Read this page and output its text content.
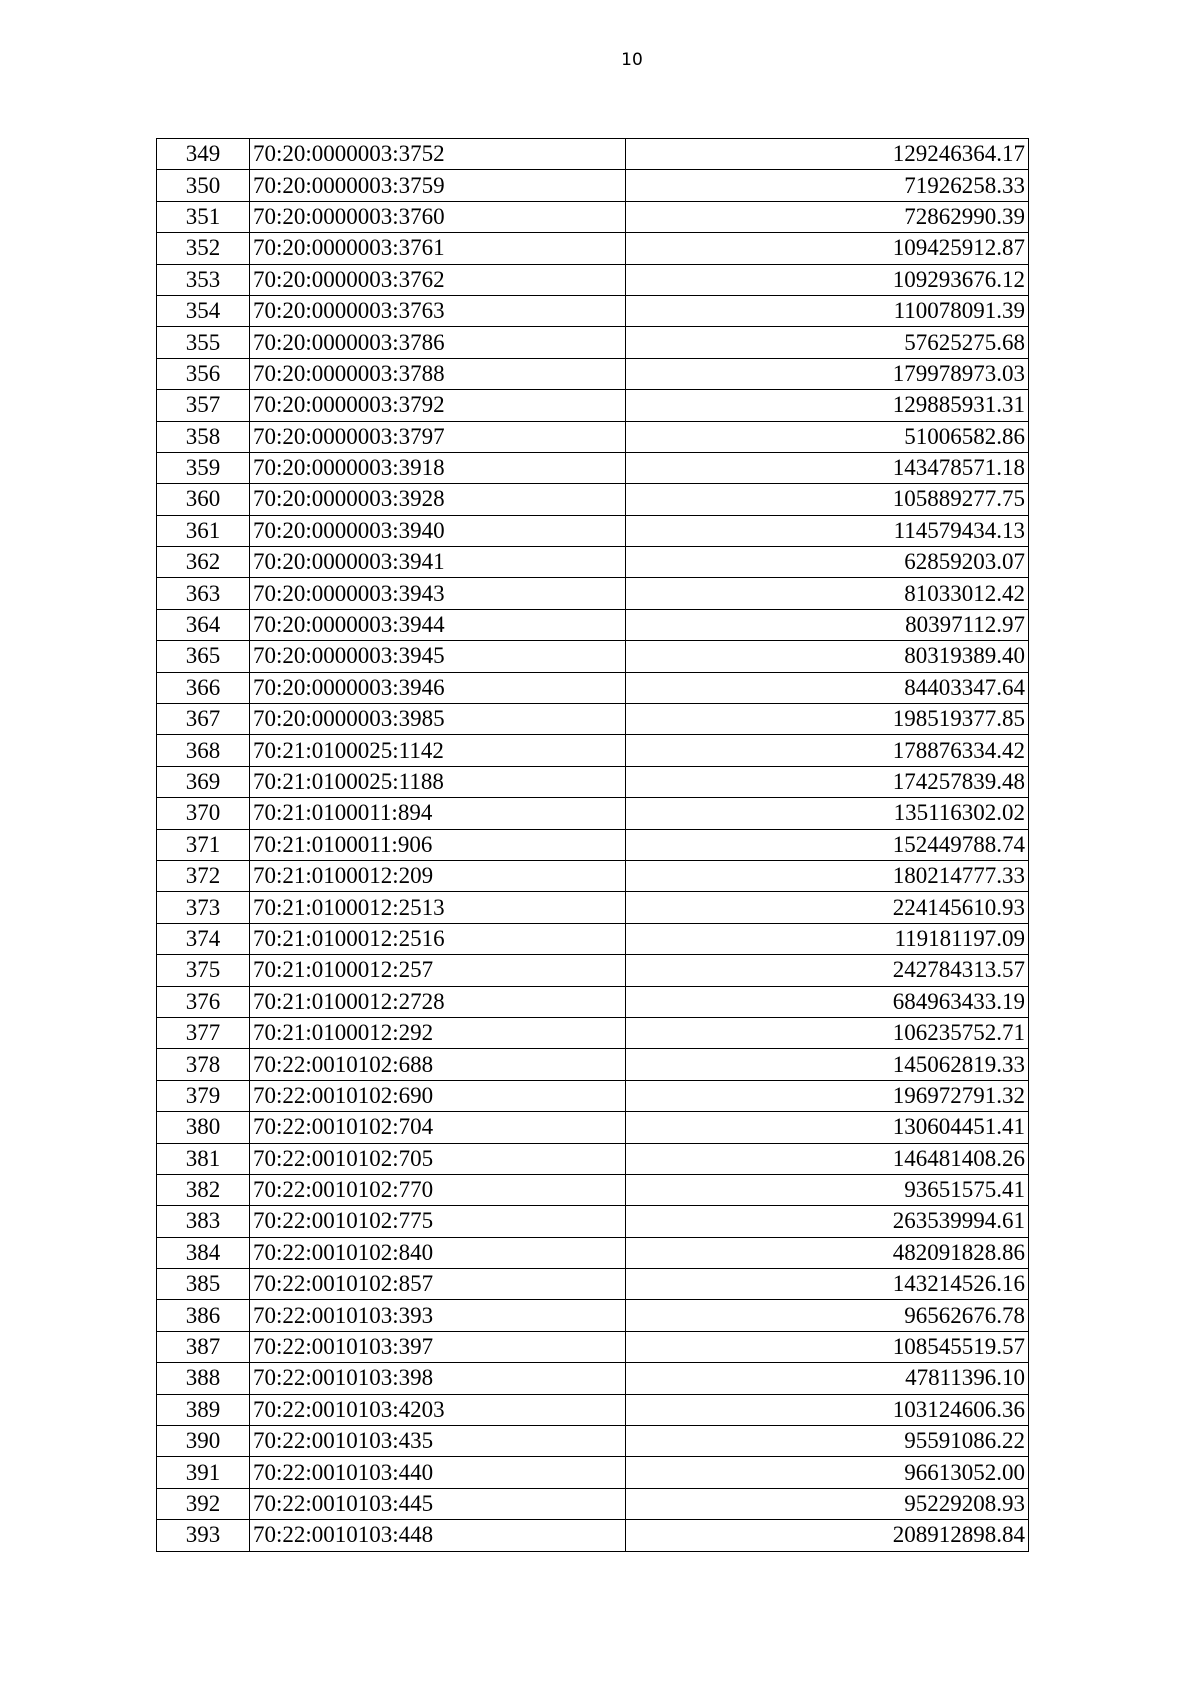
10
349	70:20:0000003:3752	129246364.17
350	70:20:0000003:3759	71926258.33
351	70:20:0000003:3760	72862990.39
352	70:20:0000003:3761	109425912.87
353	70:20:0000003:3762	109293676.12
354	70:20:0000003:3763	110078091.39
355	70:20:0000003:3786	57625275.68
356	70:20:0000003:3788	179978973.03
357	70:20:0000003:3792	129885931.31
358	70:20:0000003:3797	51006582.86
359	70:20:0000003:3918	143478571.18
360	70:20:0000003:3928	105889277.75
361	70:20:0000003:3940	114579434.13
362	70:20:0000003:3941	62859203.07
363	70:20:0000003:3943	81033012.42
364	70:20:0000003:3944	80397112.97
365	70:20:0000003:3945	80319389.40
366	70:20:0000003:3946	84403347.64
367	70:20:0000003:3985	198519377.85
368	70:21:0100025:1142	178876334.42
369	70:21:0100025:1188	174257839.48
370	70:21:0100011:894	135116302.02
371	70:21:0100011:906	152449788.74
372	70:21:0100012:209	180214777.33
373	70:21:0100012:2513	224145610.93
374	70:21:0100012:2516	119181197.09
375	70:21:0100012:257	242784313.57
376	70:21:0100012:2728	684963433.19
377	70:21:0100012:292	106235752.71
378	70:22:0010102:688	145062819.33
379	70:22:0010102:690	196972791.32
380	70:22:0010102:704	130604451.41
381	70:22:0010102:705	146481408.26
382	70:22:0010102:770	93651575.41
383	70:22:0010102:775	263539994.61
384	70:22:0010102:840	482091828.86
385	70:22:0010102:857	143214526.16
386	70:22:0010103:393	96562676.78
387	70:22:0010103:397	108545519.57
388	70:22:0010103:398	47811396.10
389	70:22:0010103:4203	103124606.36
390	70:22:0010103:435	95591086.22
391	70:22:0010103:440	96613052.00
392	70:22:0010103:445	95229208.93
393	70:22:0010103:448	208912898.84
